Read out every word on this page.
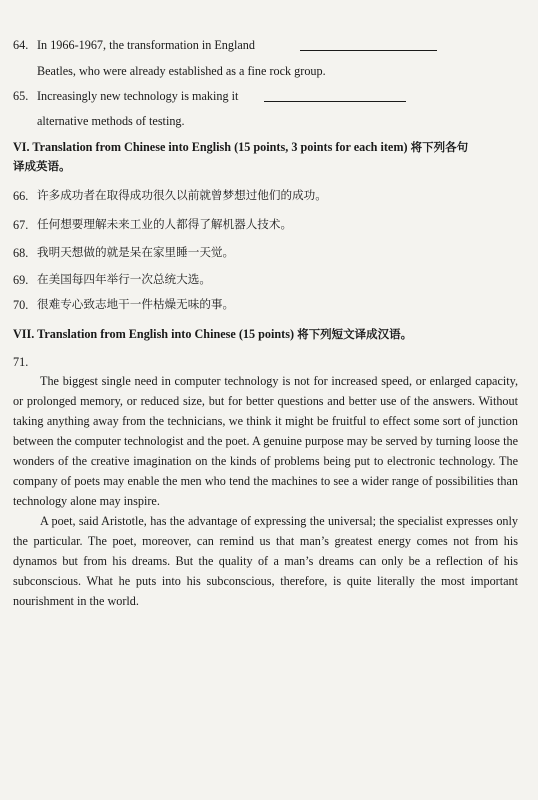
64. In 1966-1967, the transformation in England
Beatles, who were already established as a fine rock group.
65. Increasingly new technology is making it
alternative methods of testing.
VI. Translation from Chinese into English (15 points, 3 points for each item) 将下列各句
译成英语。
66. 许多成功者在取得成功很久以前就曾梦想过他们的成功。
67. 任何想要理解未来工业的人都得了解机器人技术。
68. 我明天想做的就是呆在家里睡一天觉。
69. 在美国每四年举行一次总统大选。
70. 很难专心致志地干一件枯燥无味的事。
VII. Translation from English into Chinese (15 points) 将下列短文译成汉语。
71.

The biggest single need in computer technology is not for increased speed, or enlarged capacity, or prolonged memory, or reduced size, but for better questions and better use of the answers. Without taking anything away from the technicians, we think it might be fruitful to effect some sort of junction between the computer technologist and the poet. A genuine purpose may be served by turning loose the wonders of the creative imagination on the kinds of problems being put to electronic technology. The company of poets may enable the men who tend the machines to see a wider range of possibilities than technology alone may inspire.

A poet, said Aristotle, has the advantage of expressing the universal; the specialist expresses only the particular. The poet, moreover, can remind us that man’s greatest energy comes not from his dynamos but from his dreams. But the quality of a man’s dreams can only be a reflection of his subconscious. What he puts into his subconscious, therefore, is quite literally the most important nourishment in the world.
